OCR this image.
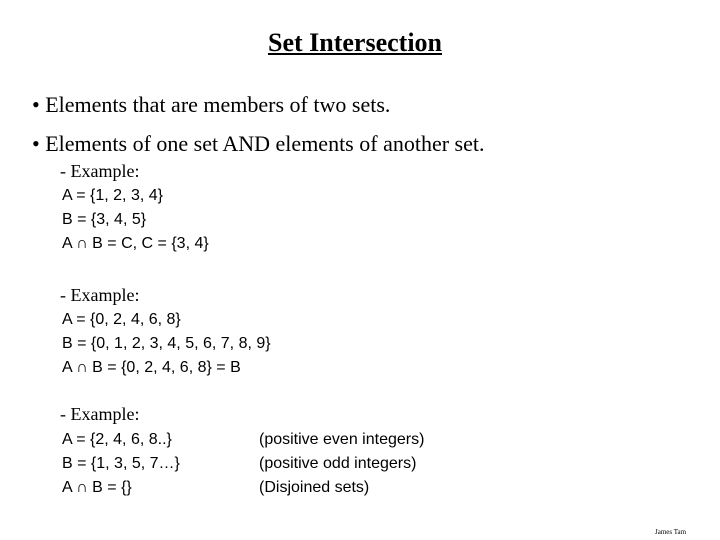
Set Intersection
• Elements that are members of two sets.
• Elements of one set AND elements of another set.
- Example:
A = {1, 2, 3, 4}
B = {3, 4, 5}
A ∩ B = C, C = {3, 4}
- Example:
A = {0, 2, 4, 6, 8}
B = {0, 1, 2, 3, 4, 5, 6, 7, 8, 9}
A ∩ B = {0, 2, 4, 6, 8} = B
- Example:
A = {2, 4, 6, 8..}
B = {1, 3, 5, 7…}
A ∩ B = {}
(positive even integers)
(positive odd integers)
(Disjoined sets)
James Tam
